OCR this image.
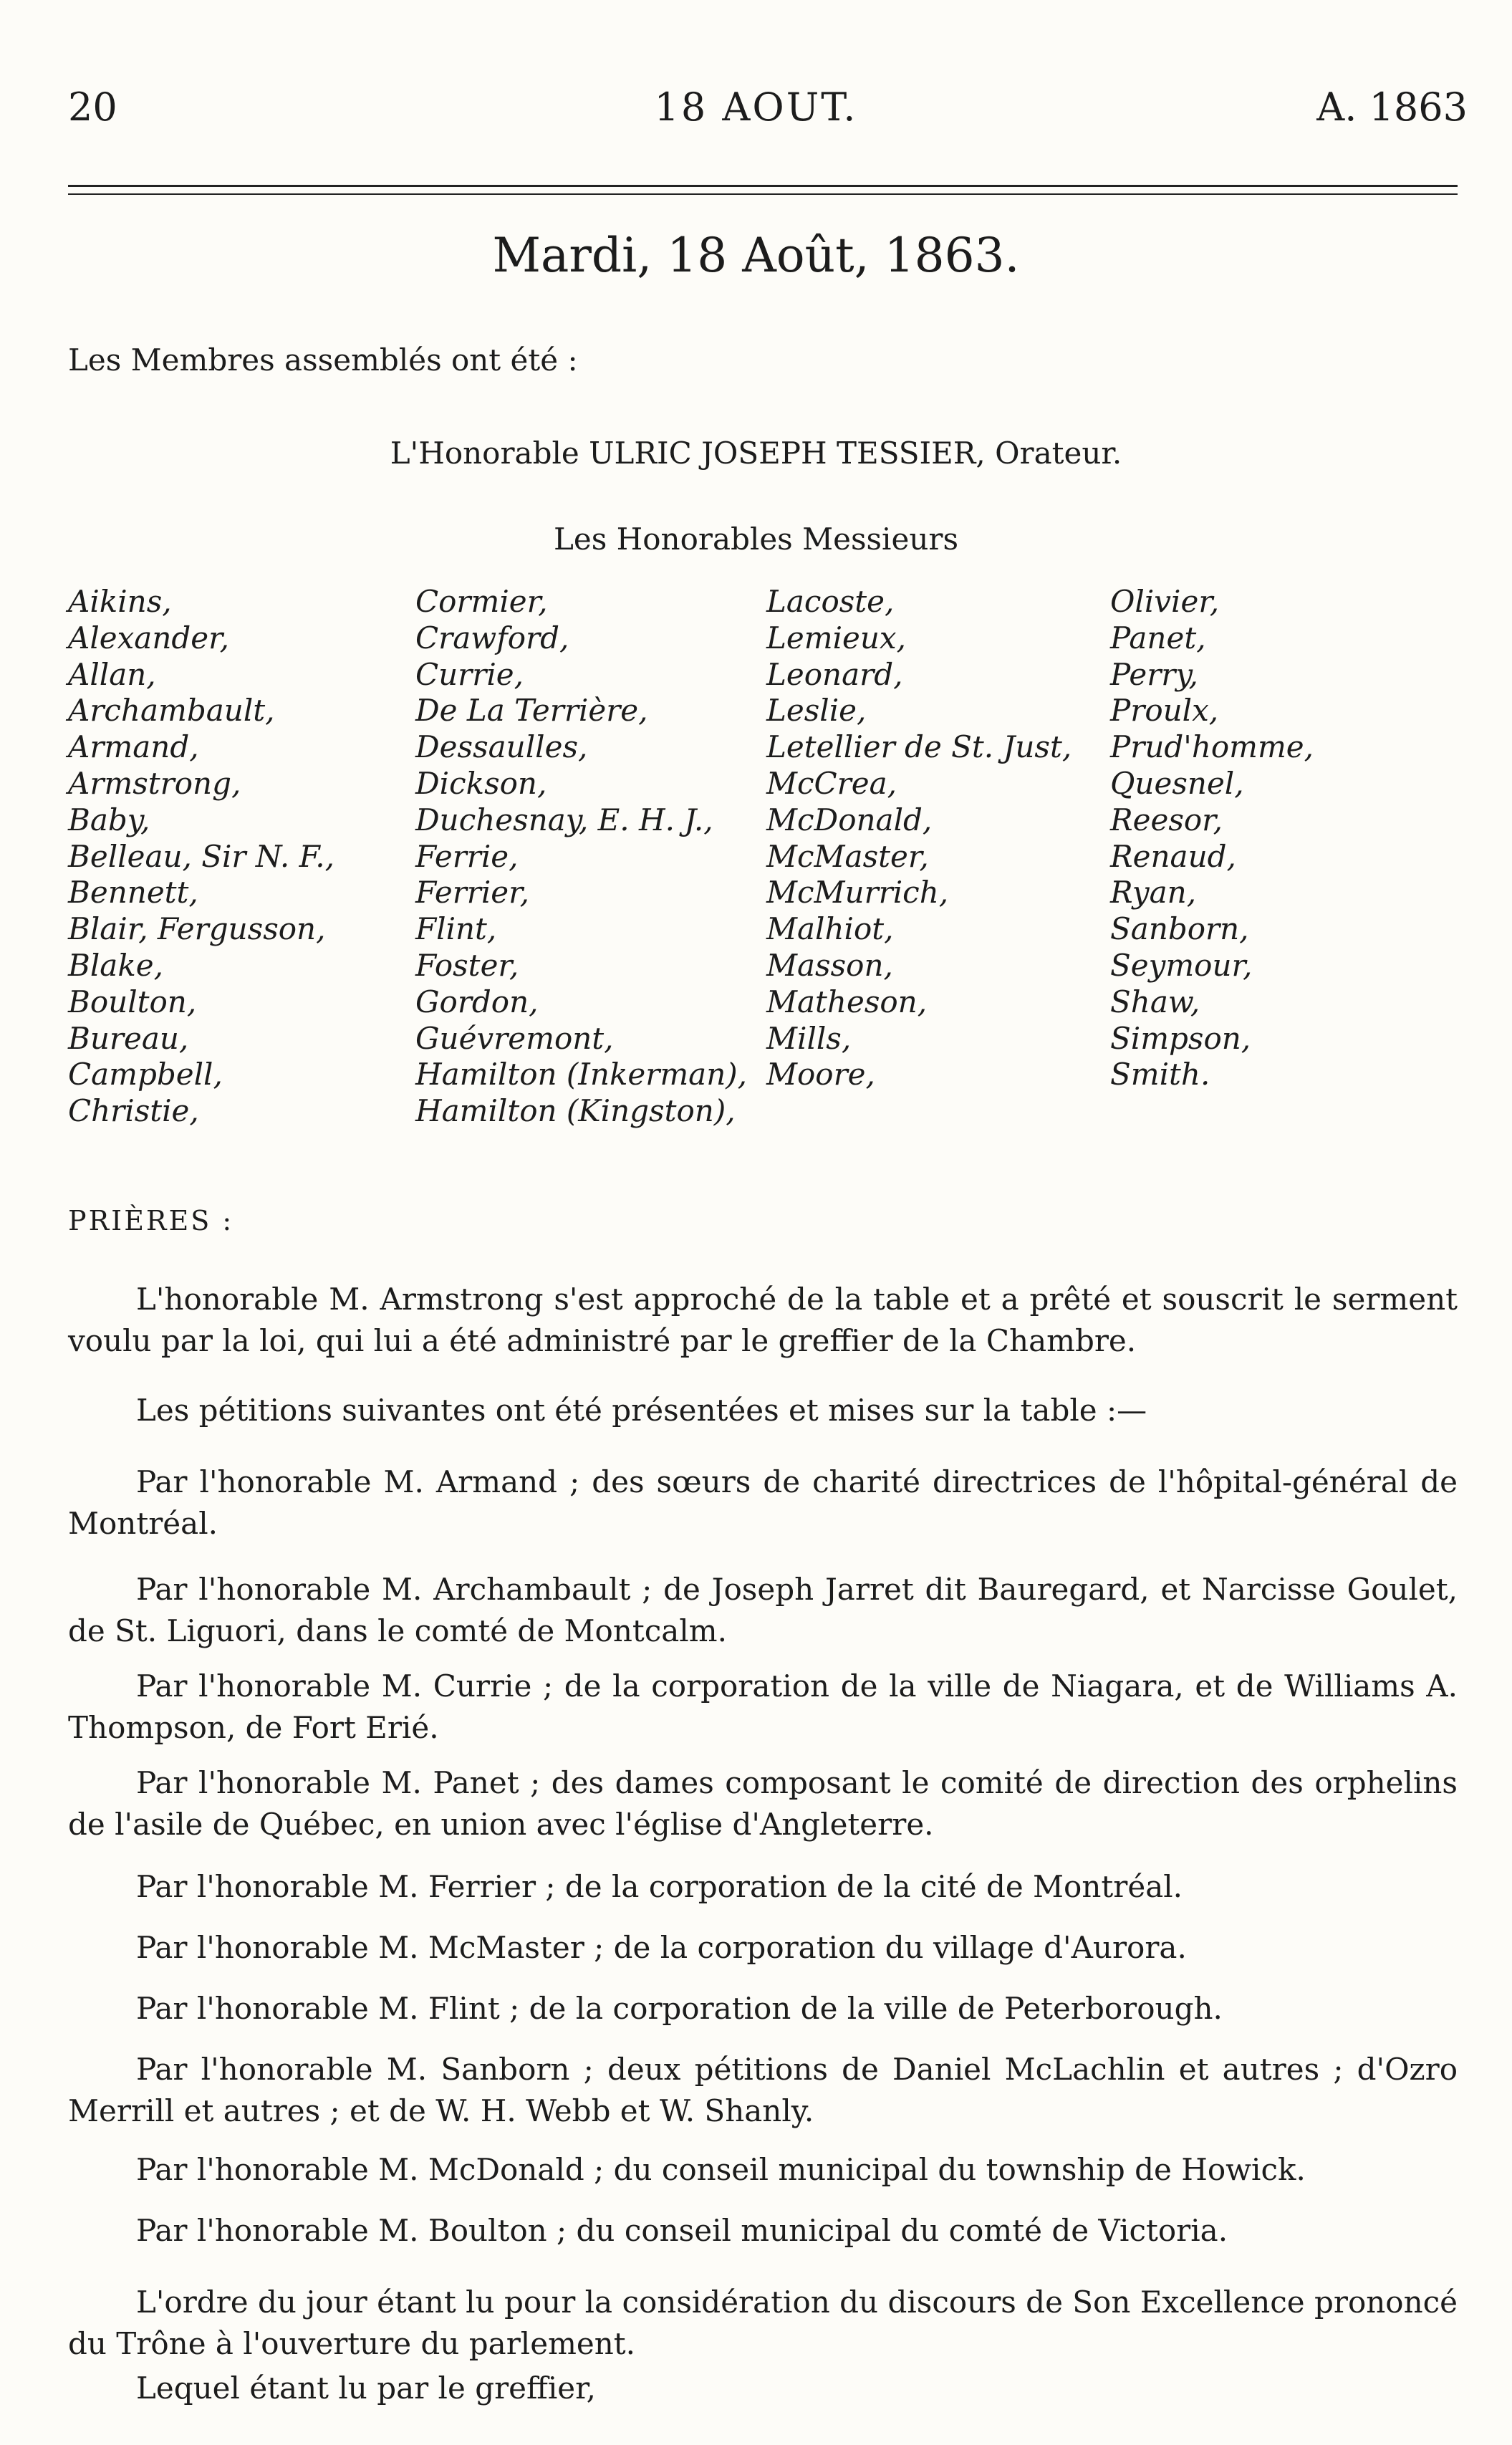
20	18 AOUT.	A. 1863
Mardi, 18 Août, 1863.
Les Membres assemblés ont été :
L'Honorable ULRIC JOSEPH TESSIER, Orateur.
Les Honorables Messieurs
Aikins,
Alexander,
Allan,
Archambault,
Armand,
Armstrong,
Baby,
Belleau, Sir N. F.,
Bennett,
Blair, Fergusson,
Blake,
Boulton,
Bureau,
Campbell,
Christie,
Cormier,
Crawford,
Currie,
De La Terrière,
Dessaulles,
Dickson,
Duchesnay, E. H. J.,
Ferrie,
Ferrier,
Flint,
Foster,
Gordon,
Guévremont,
Hamilton (Inkerman),
Hamilton (Kingston),
Lacoste,
Lemieux,
Leonard,
Leslie,
Letellier de St. Just,
McCrea,
McDonald,
McMaster,
McMurrich,
Malhiot,
Masson,
Matheson,
Mills,
Moore,
Olivier,
Panet,
Perry,
Proulx,
Prud'homme,
Quesnel,
Reesor,
Renaud,
Ryan,
Sanborn,
Seymour,
Shaw,
Simpson,
Smith.
PRIÈRES :
L'honorable M. Armstrong s'est approché de la table et a prêté et souscrit le serment voulu par la loi, qui lui a été administré par le greffier de la Chambre.
Les pétitions suivantes ont été présentées et mises sur la table :—
Par l'honorable M. Armand ; des sœurs de charité directrices de l'hôpital-général de Montréal.
Par l'honorable M. Archambault ; de Joseph Jarret dit Bauregard, et Narcisse Goulet, de St. Liguori, dans le comté de Montcalm.
Par l'honorable M. Currie ; de la corporation de la ville de Niagara, et de Williams A. Thompson, de Fort Erié.
Par l'honorable M. Panet ; des dames composant le comité de direction des orphelins de l'asile de Québec, en union avec l'église d'Angleterre.
Par l'honorable M. Ferrier ; de la corporation de la cité de Montréal.
Par l'honorable M. McMaster ; de la corporation du village d'Aurora.
Par l'honorable M. Flint ; de la corporation de la ville de Peterborough.
Par l'honorable M. Sanborn ; deux pétitions de Daniel McLachlin et autres ; d'Ozro Merrill et autres ; et de W. H. Webb et W. Shanly.
Par l'honorable M. McDonald ; du conseil municipal du township de Howick.
Par l'honorable M. Boulton ; du conseil municipal du comté de Victoria.
L'ordre du jour étant lu pour la considération du discours de Son Excellence prononcé du Trône à l'ouverture du parlement.
Lequel étant lu par le greffier,
